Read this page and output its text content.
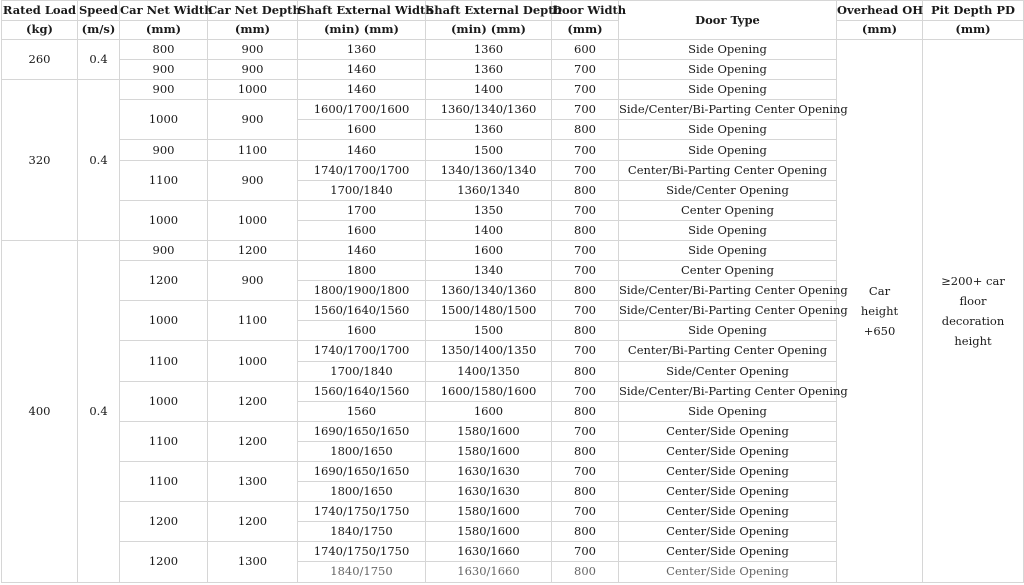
Rated Load	Speed	Car Net Width	Car Net Depth	Shaft External Width	Shaft External Depth	Door Width	Door Type	Overhead OH	Pit Depth PD
(kg)	(m/s)	(mm)	(mm)	(min) (mm)	(min) (mm)	(mm)		(mm)	(mm)
260	0.4	800	900	1360	1360	600	Side Opening	Car height +650	≥200+ car floor decoration height
		900	900	1460	1360	700	Side Opening		
320	0.4	900	1000	1460	1400	700	Side Opening		
		1000	900	1600/1700/1600	1360/1340/1360	700	Side/Center/Bi-Parting Center Opening		
				1600	1360	800	Side Opening		
		900	1100	1460	1500	700	Side Opening		
		1100	900	1740/1700/1700	1340/1360/1340	700	Center/Bi-Parting Center Opening		
				1700/1840	1360/1340	800	Side/Center Opening		
		1000	1000	1700	1350	700	Center Opening		
				1600	1400	800	Side Opening		
400	0.4	900	1200	1460	1600	700	Side Opening		
		1200	900	1800	1340	700	Center Opening		
				1800/1900/1800	1360/1340/1360	800	Side/Center/Bi-Parting Center Opening		
		1000	1100	1560/1640/1560	1500/1480/1500	700	Side/Center/Bi-Parting Center Opening		
				1600	1500	800	Side Opening		
		1100	1000	1740/1700/1700	1350/1400/1350	700	Center/Bi-Parting Center Opening		
				1700/1840	1400/1350	800	Side/Center Opening		
		1000	1200	1560/1640/1560	1600/1580/1600	700	Side/Center/Bi-Parting Center Opening		
				1560	1600	800	Side Opening		
		1100	1200	1690/1650/1650	1580/1600	700	Center/Side Opening		
				1800/1650	1580/1600	800	Center/Side Opening		
		1100	1300	1690/1650/1650	1630/1630	700	Center/Side Opening		
				1800/1650	1630/1630	800	Center/Side Opening		
		1200	1200	1740/1750/1750	1580/1600	700	Center/Side Opening		
				1840/1750	1580/1600	800	Center/Side Opening		
		1200	1300	1740/1750/1750	1630/1660	700	Center/Side Opening		
				1840/1750	1630/1660	800	Center/Side Opening		
